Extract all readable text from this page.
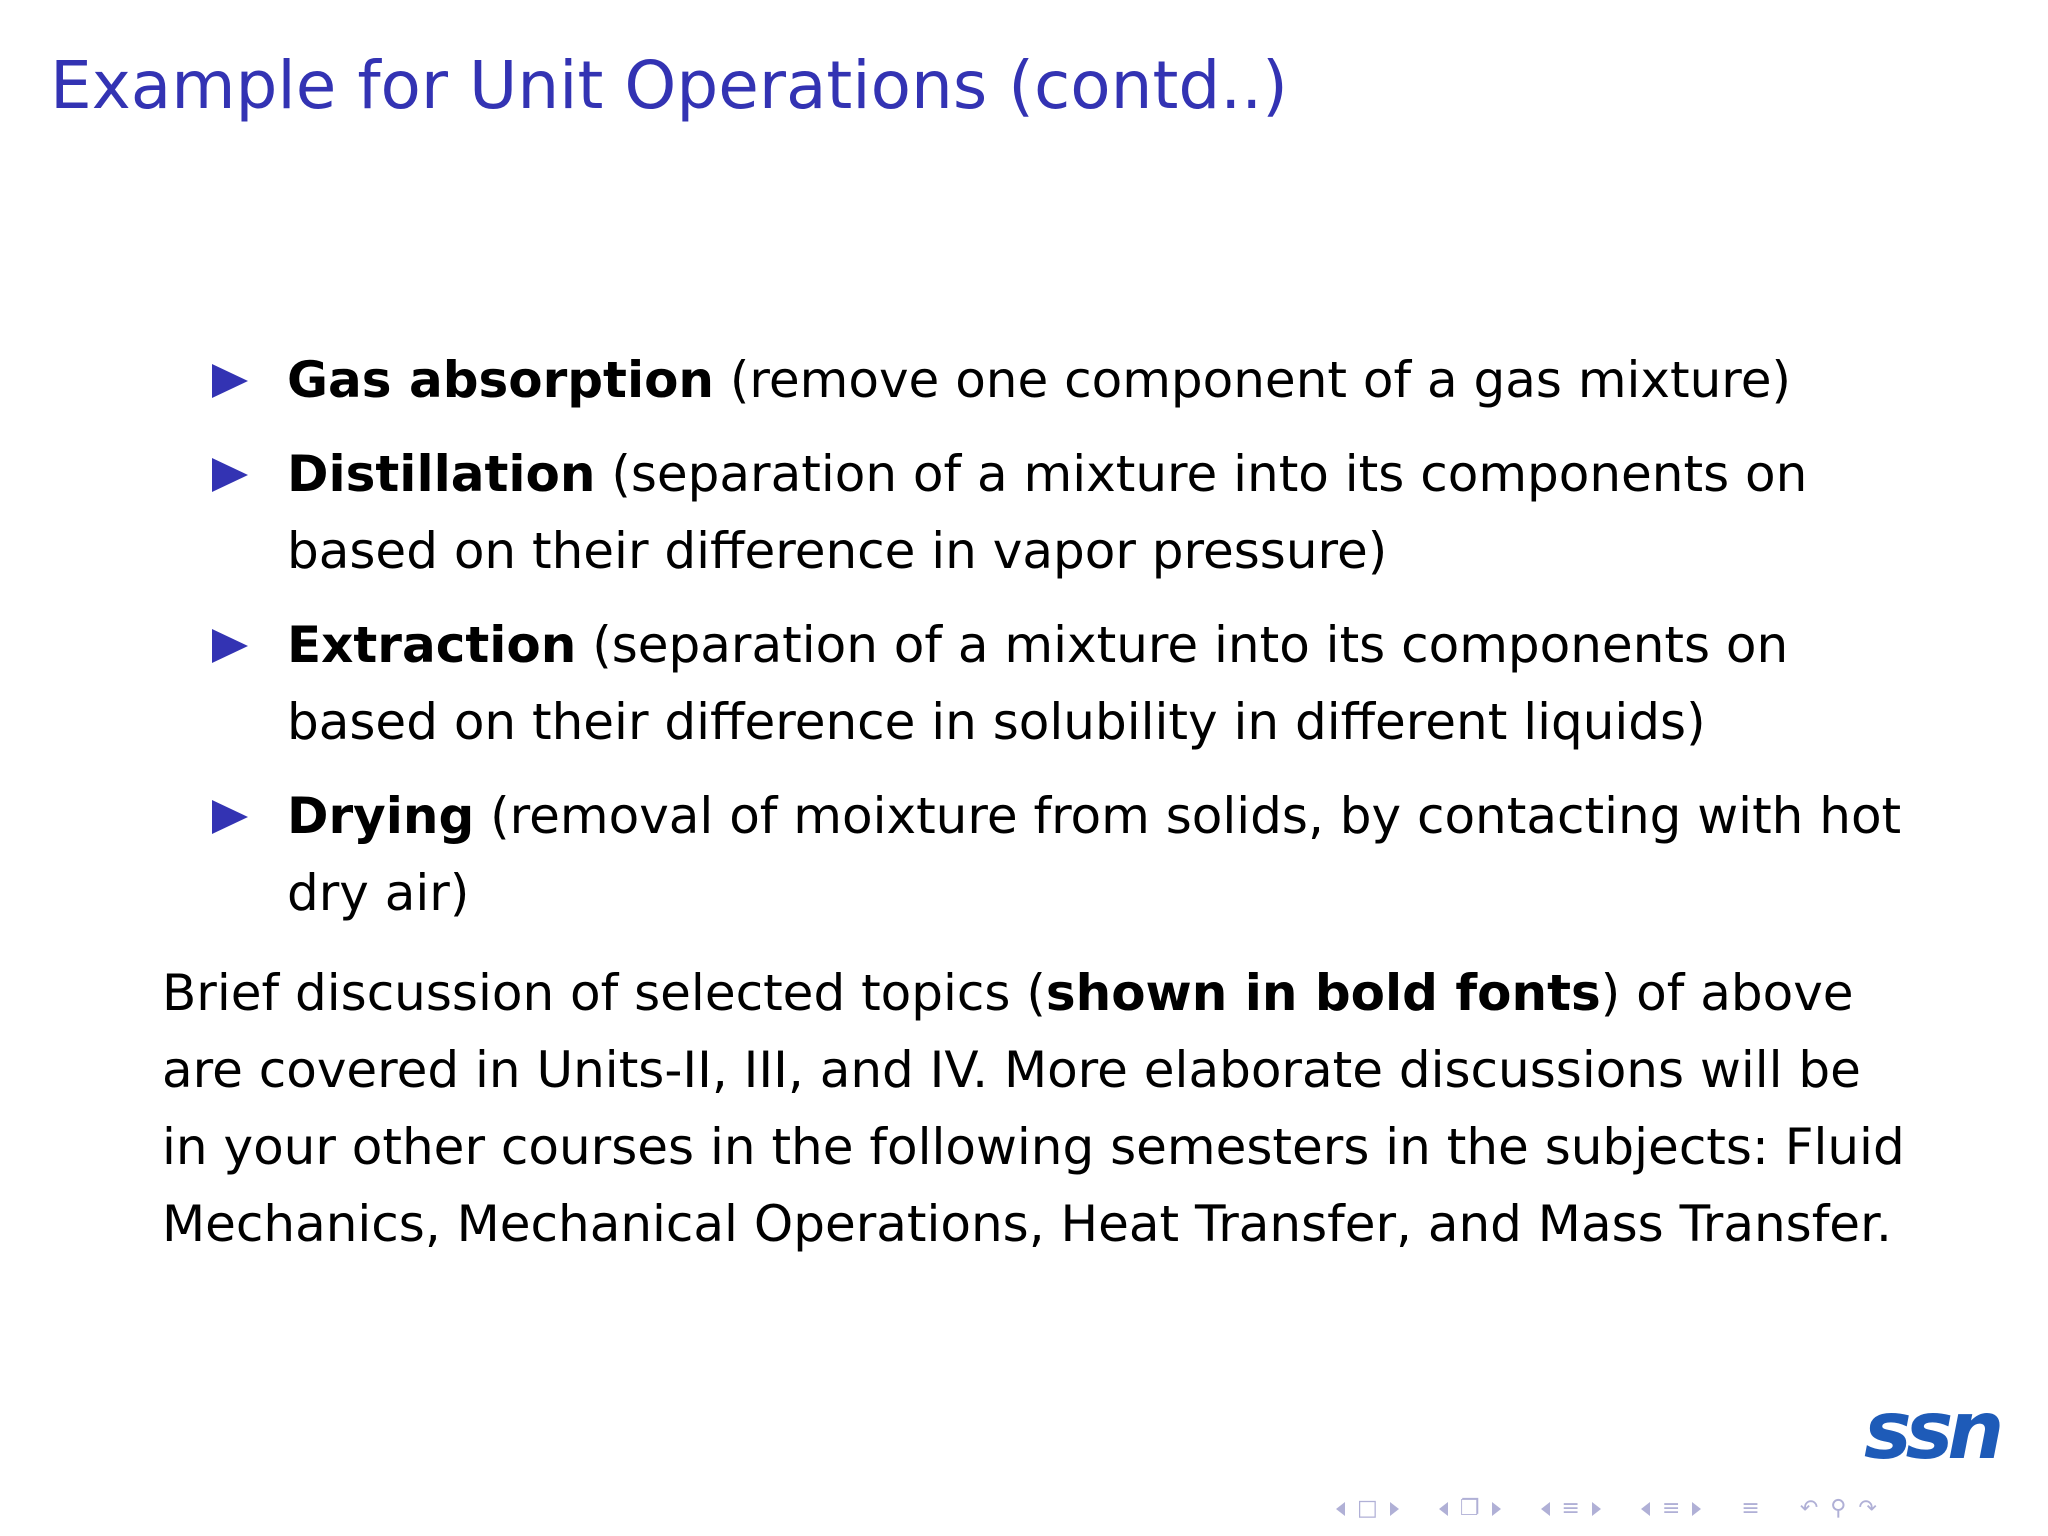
Example for Unit Operations (contd..)
Gas absorption (remove one component of a gas mixture)
Distillation (separation of a mixture into its components on based on their difference in vapor pressure)
Extraction (separation of a mixture into its components on based on their difference in solubility in different liquids)
Drying (removal of moixture from solids, by contacting with hot dry air)

Brief discussion of selected topics (shown in bold fonts) of above are covered in Units-II, III, and IV. More elaborate discussions will be in your other courses in the following semesters in the subjects: Fluid Mechanics, Mechanical Operations, Heat Transfer, and Mass Transfer.

ssn
□	❐	≡	≡	≡ ↶ ⚲ ↷
